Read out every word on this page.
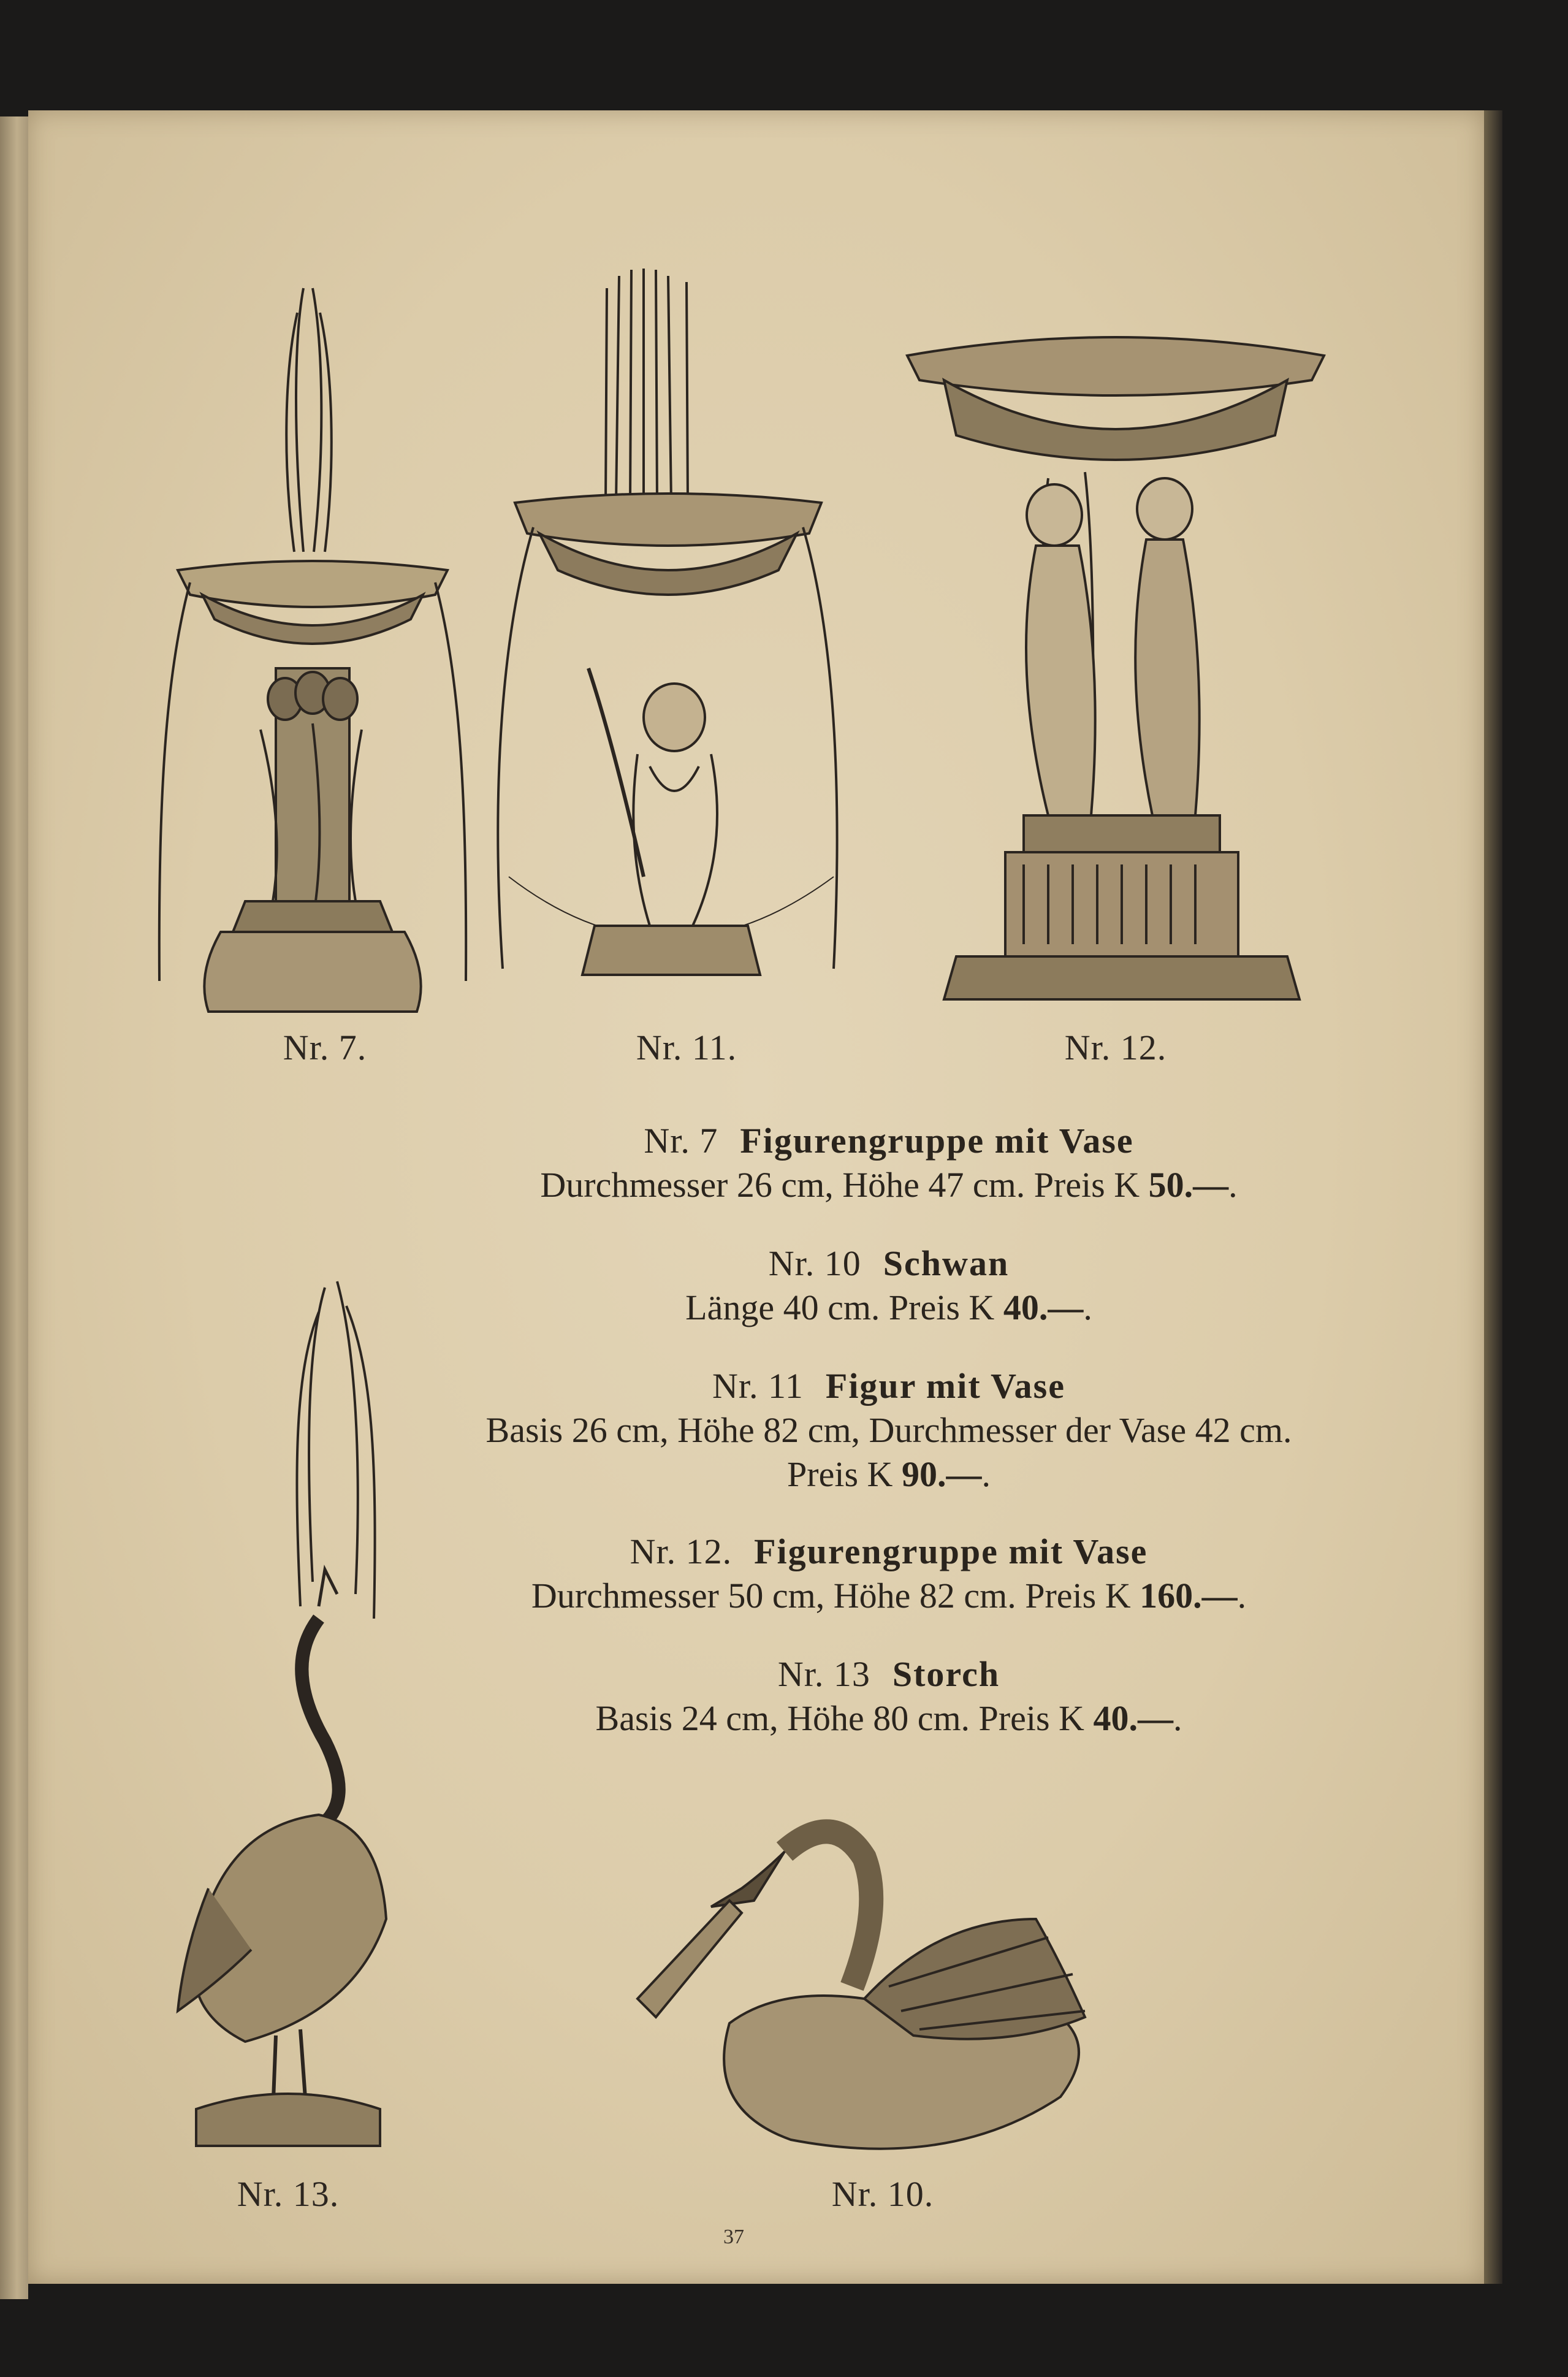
Nr. 7.	Nr. 11.	Nr. 12.
Nr. 7 Figurengruppe mit Vase
Durchmesser 26 cm, Höhe 47 cm. Preis K 50.—.
Nr. 10 Schwan
Länge 40 cm. Preis K 40.—.
Nr. 11 Figur mit Vase
Basis 26 cm, Höhe 82 cm, Durchmesser der Vase 42 cm.
Preis K 90.—.
Nr. 12. Figurengruppe mit Vase
Durchmesser 50 cm, Höhe 82 cm. Preis K 160.—.
Nr. 13 Storch
Basis 24 cm, Höhe 80 cm. Preis K 40.—.
Nr. 13.	Nr. 10.
37
